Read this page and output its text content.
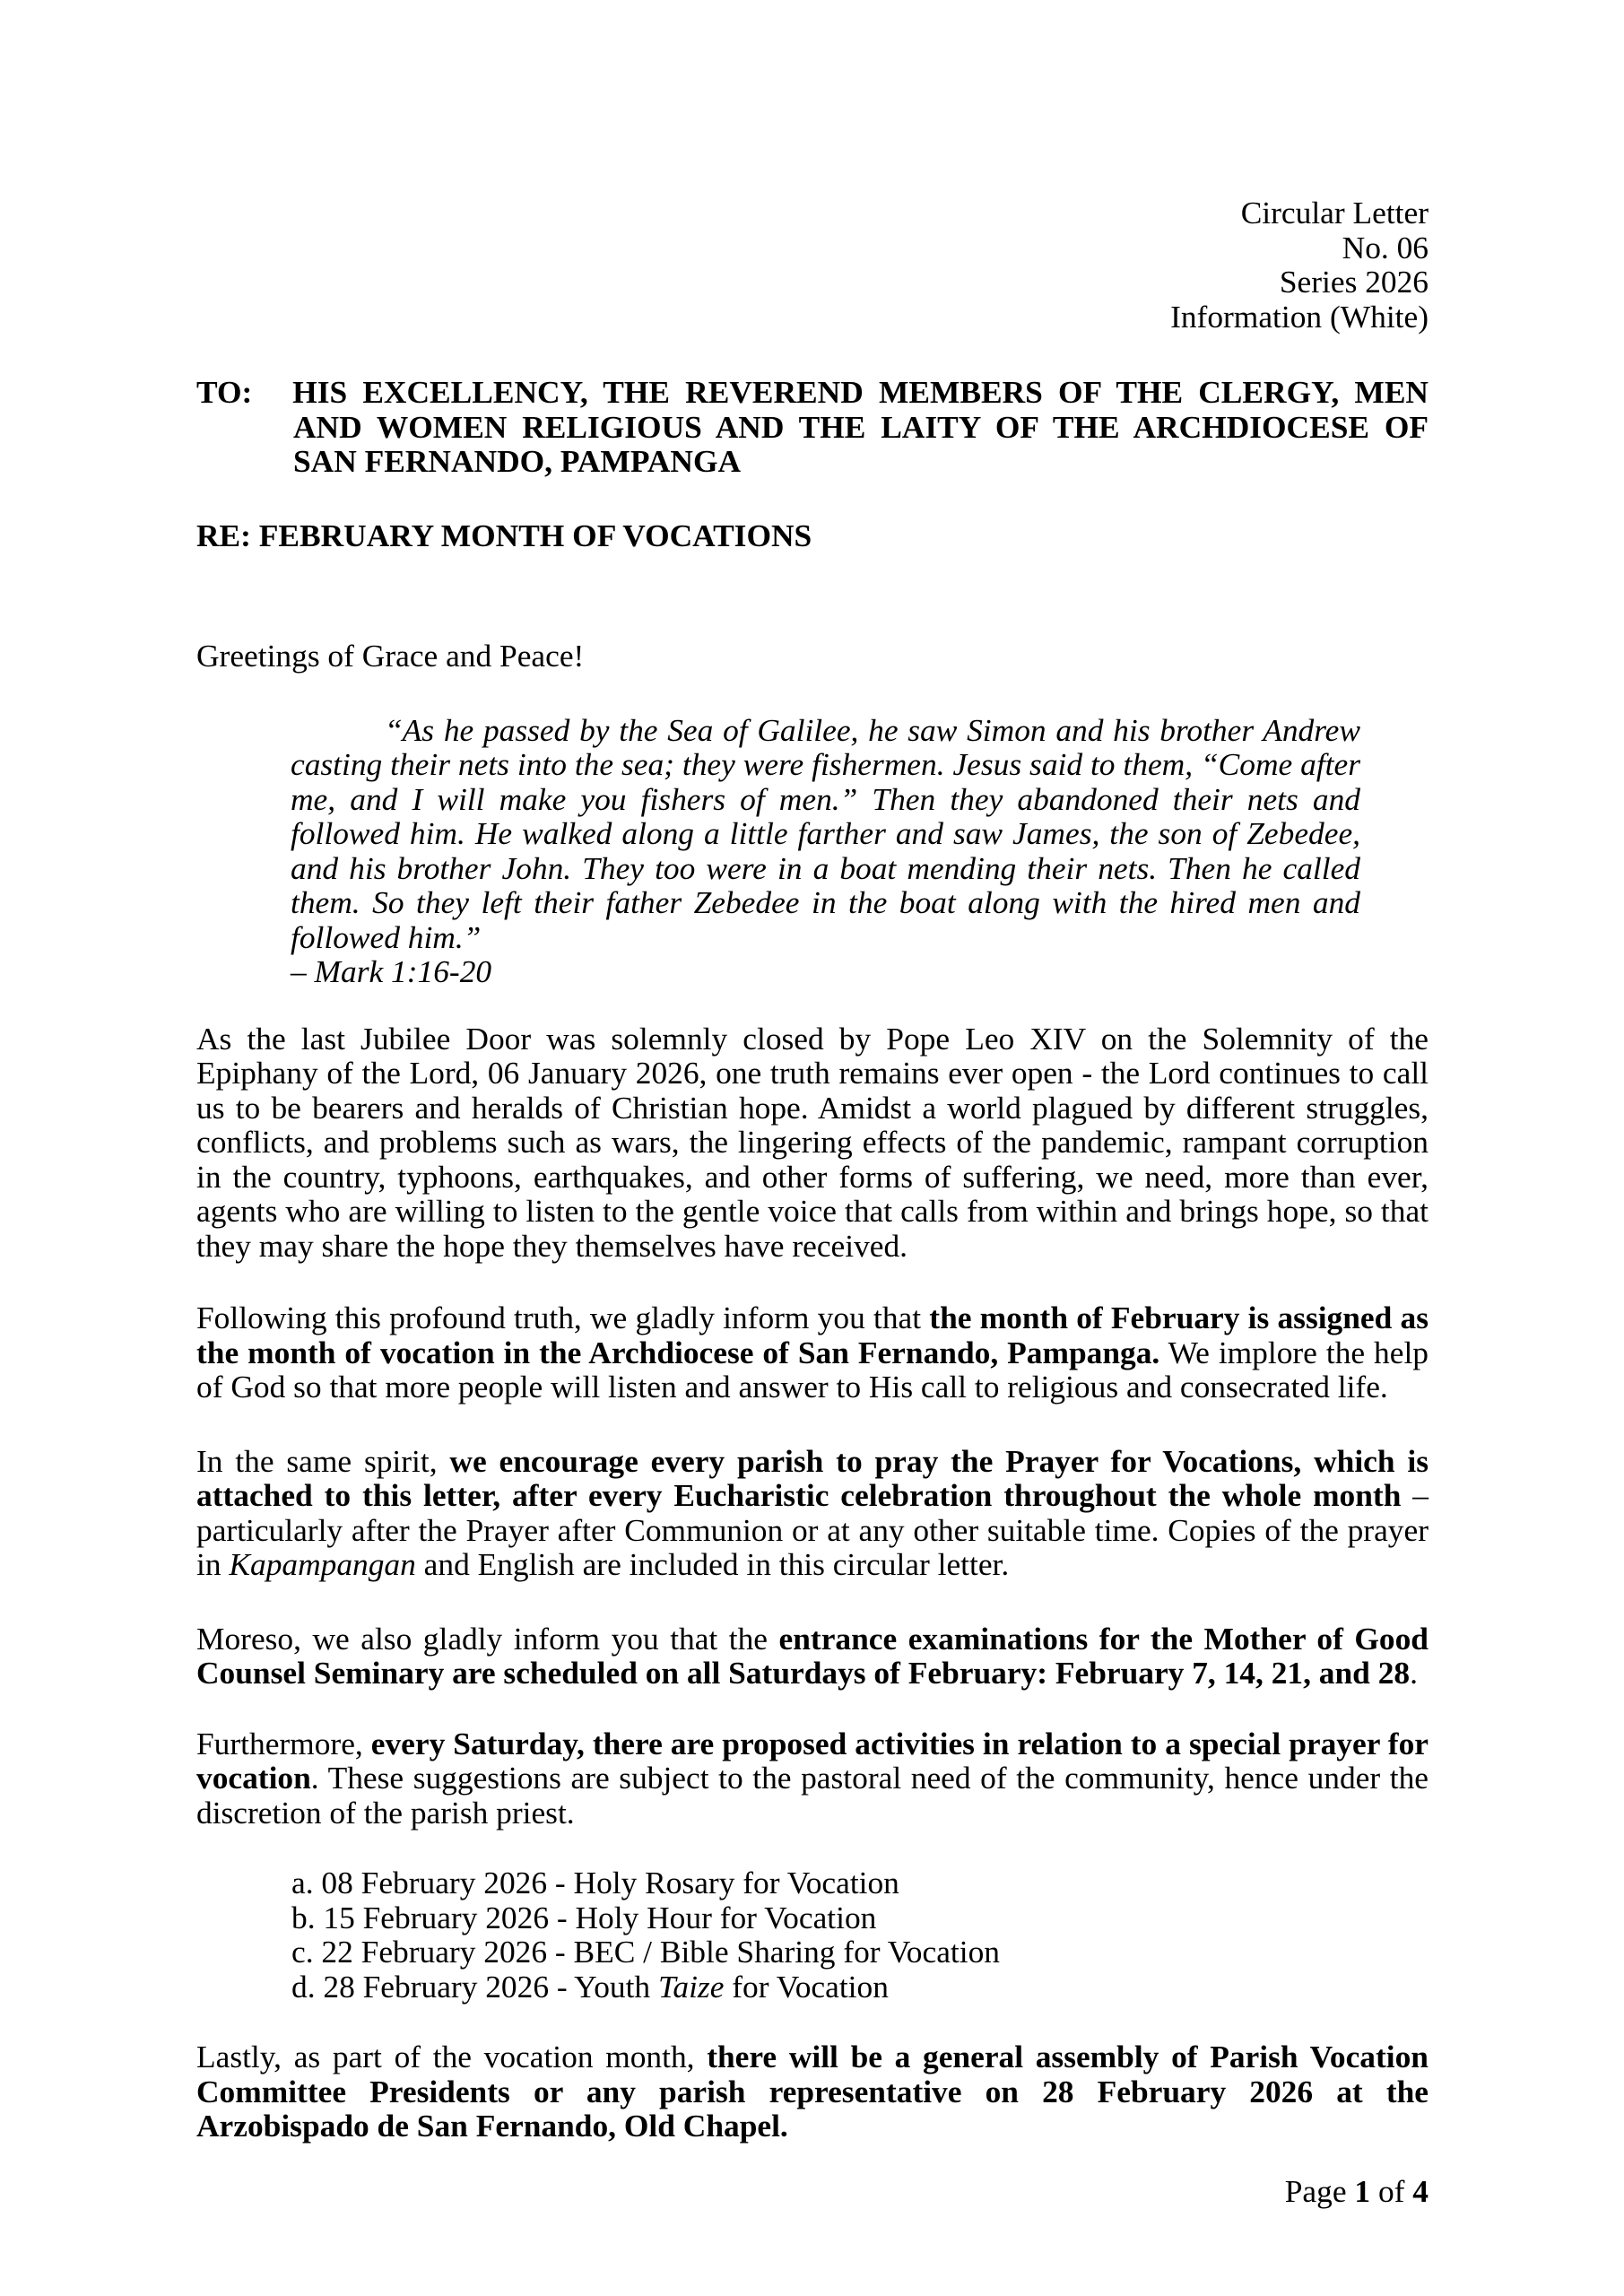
Circular Letter
No. 06
Series 2026
Information (White)
TO: HIS EXCELLENCY, THE REVEREND MEMBERS OF THE CLERGY, MEN AND WOMEN RELIGIOUS AND THE LAITY OF THE ARCHDIOCESE OF SAN FERNANDO, PAMPANGA
RE: FEBRUARY MONTH OF VOCATIONS
Greetings of Grace and Peace!
“As he passed by the Sea of Galilee, he saw Simon and his brother Andrew casting their nets into the sea; they were fishermen. Jesus said to them, “Come after me, and I will make you fishers of men.” Then they abandoned their nets and followed him. He walked along a little farther and saw James, the son of Zebedee, and his brother John. They too were in a boat mending their nets. Then he called them. So they left their father Zebedee in the boat along with the hired men and followed him.”
– Mark 1:16-20
As the last Jubilee Door was solemnly closed by Pope Leo XIV on the Solemnity of the Epiphany of the Lord, 06 January 2026, one truth remains ever open - the Lord continues to call us to be bearers and heralds of Christian hope. Amidst a world plagued by different struggles, conflicts, and problems such as wars, the lingering effects of the pandemic, rampant corruption in the country, typhoons, earthquakes, and other forms of suffering, we need, more than ever, agents who are willing to listen to the gentle voice that calls from within and brings hope, so that they may share the hope they themselves have received.
Following this profound truth, we gladly inform you that the month of February is assigned as the month of vocation in the Archdiocese of San Fernando, Pampanga. We implore the help of God so that more people will listen and answer to His call to religious and consecrated life.
In the same spirit, we encourage every parish to pray the Prayer for Vocations, which is attached to this letter, after every Eucharistic celebration throughout the whole month – particularly after the Prayer after Communion or at any other suitable time. Copies of the prayer in Kapampangan and English are included in this circular letter.
Moreso, we also gladly inform you that the entrance examinations for the Mother of Good Counsel Seminary are scheduled on all Saturdays of February: February 7, 14, 21, and 28.
Furthermore, every Saturday, there are proposed activities in relation to a special prayer for vocation. These suggestions are subject to the pastoral need of the community, hence under the discretion of the parish priest.
a. 08 February 2026 - Holy Rosary for Vocation
b. 15 February 2026 - Holy Hour for Vocation
c. 22 February 2026 - BEC / Bible Sharing for Vocation
d. 28 February 2026 - Youth Taize for Vocation
Lastly, as part of the vocation month, there will be a general assembly of Parish Vocation Committee Presidents or any parish representative on 28 February 2026 at the Arzobispado de San Fernando, Old Chapel.
Page 1 of 4
